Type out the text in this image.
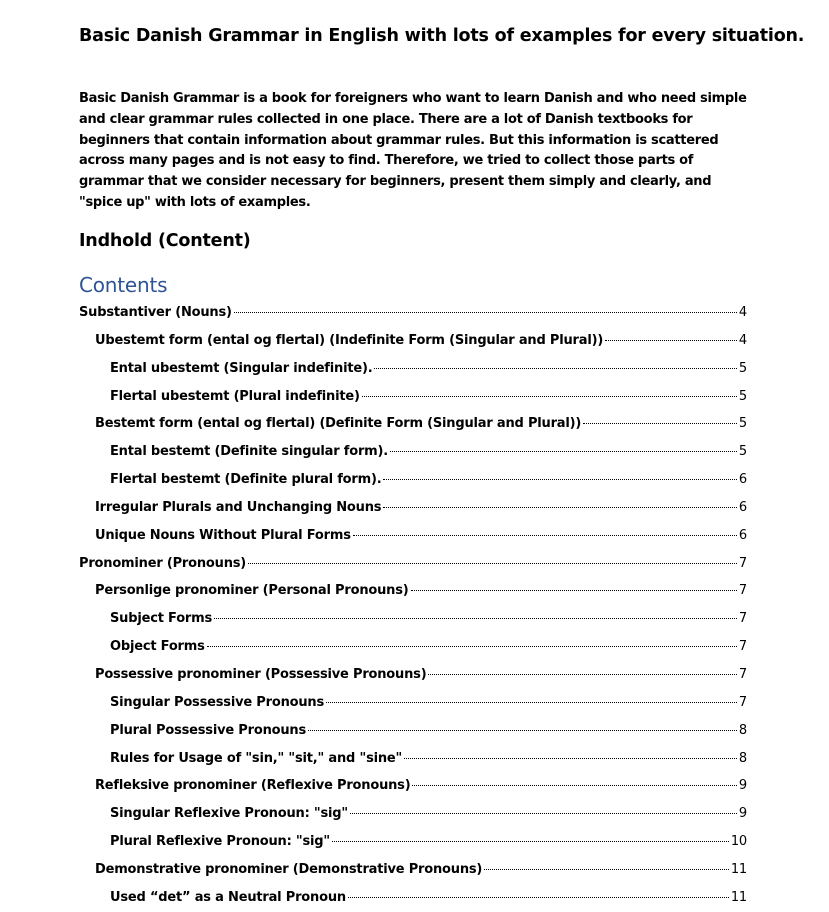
Basic Danish Grammar in English with lots of examples for every situation.

Basic Danish Grammar is a book for foreigners who want to learn Danish and who need simple and clear grammar rules collected in one place. There are a lot of Danish textbooks for beginners that contain information about grammar rules. But this information is scattered across many pages and is not easy to find. Therefore, we tried to collect those parts of grammar that we consider necessary for beginners, present them simply and clearly, and "spice up" with lots of examples.

Indhold (Content)
Contents
Substantiver (Nouns)	4
Ubestemt form (ental og flertal) (Indefinite Form (Singular and Plural))	4
Ental ubestemt (Singular indefinite).	5
Flertal ubestemt (Plural indefinite)	5
Bestemt form (ental og flertal) (Definite Form (Singular and Plural))	5
Ental bestemt (Definite singular form).	5
Flertal bestemt (Definite plural form).	6
Irregular Plurals and Unchanging Nouns	6
Unique Nouns Without Plural Forms	6
Pronominer (Pronouns)	7
Personlige pronominer (Personal Pronouns)	7
Subject Forms	7
Object Forms	7
Possessive pronominer (Possessive Pronouns)	7
Singular Possessive Pronouns	7
Plural Possessive Pronouns	8
Rules for Usage of "sin," "sit," and "sine"	8
Refleksive pronominer (Reflexive Pronouns)	9
Singular Reflexive Pronoun: "sig"	9
Plural Reflexive Pronoun: "sig"	10
Demonstrative pronominer (Demonstrative Pronouns)	11
Used “det” as a Neutral Pronoun	11
